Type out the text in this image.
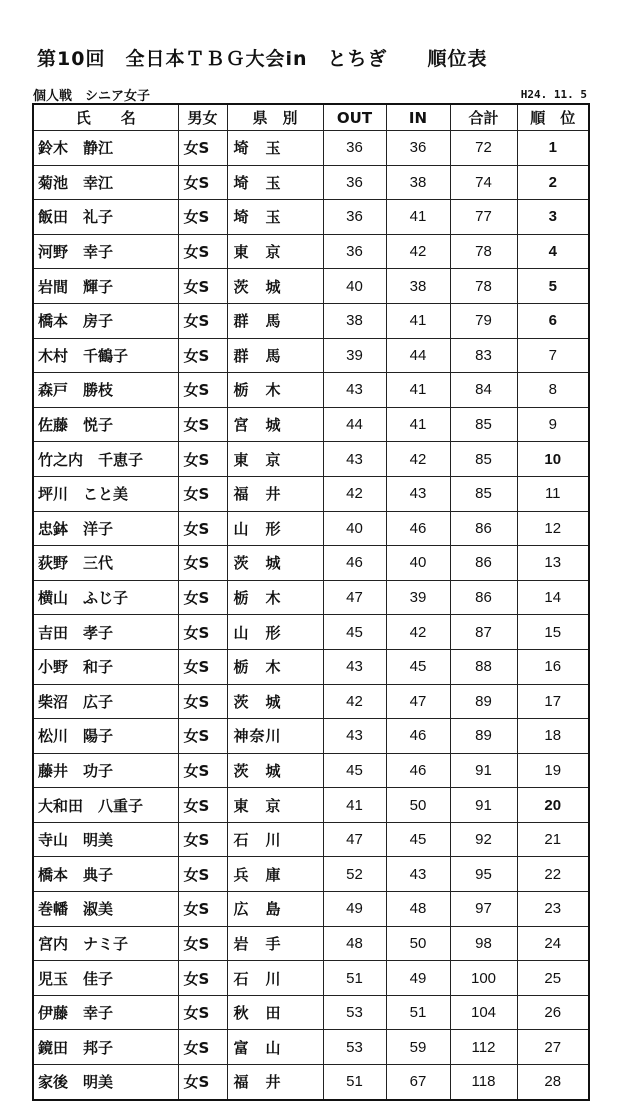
第10回　全日本ＴＢＧ大会in　とちぎ　　順位表
個人戦　シニア女子	H24. 11. 5
氏　　名	男女	県　別	OUT	IN	合計	順　位
鈴木　静江	女S	埼　玉	36	36	72	1
菊池　幸江	女S	埼　玉	36	38	74	2
飯田　礼子	女S	埼　玉	36	41	77	3
河野　幸子	女S	東　京	36	42	78	4
岩間　輝子	女S	茨　城	40	38	78	5
橋本　房子	女S	群　馬	38	41	79	6
木村　千鶴子	女S	群　馬	39	44	83	7
森戸　勝枝	女S	栃　木	43	41	84	8
佐藤　悦子	女S	宮　城	44	41	85	9
竹之内　千恵子	女S	東　京	43	42	85	10
坪川　こと美	女S	福　井	42	43	85	11
忠鉢　洋子	女S	山　形	40	46	86	12
荻野　三代	女S	茨　城	46	40	86	13
横山　ふじ子	女S	栃　木	47	39	86	14
吉田　孝子	女S	山　形	45	42	87	15
小野　和子	女S	栃　木	43	45	88	16
柴沼　広子	女S	茨　城	42	47	89	17
松川　陽子	女S	神奈川	43	46	89	18
藤井　功子	女S	茨　城	45	46	91	19
大和田　八重子	女S	東　京	41	50	91	20
寺山　明美	女S	石　川	47	45	92	21
橋本　典子	女S	兵　庫	52	43	95	22
巻幡　淑美	女S	広　島	49	48	97	23
宮内　ナミ子	女S	岩　手	48	50	98	24
児玉　佳子	女S	石　川	51	49	100	25
伊藤　幸子	女S	秋　田	53	51	104	26
鏡田　邦子	女S	富　山	53	59	112	27
家後　明美	女S	福　井	51	67	118	28
